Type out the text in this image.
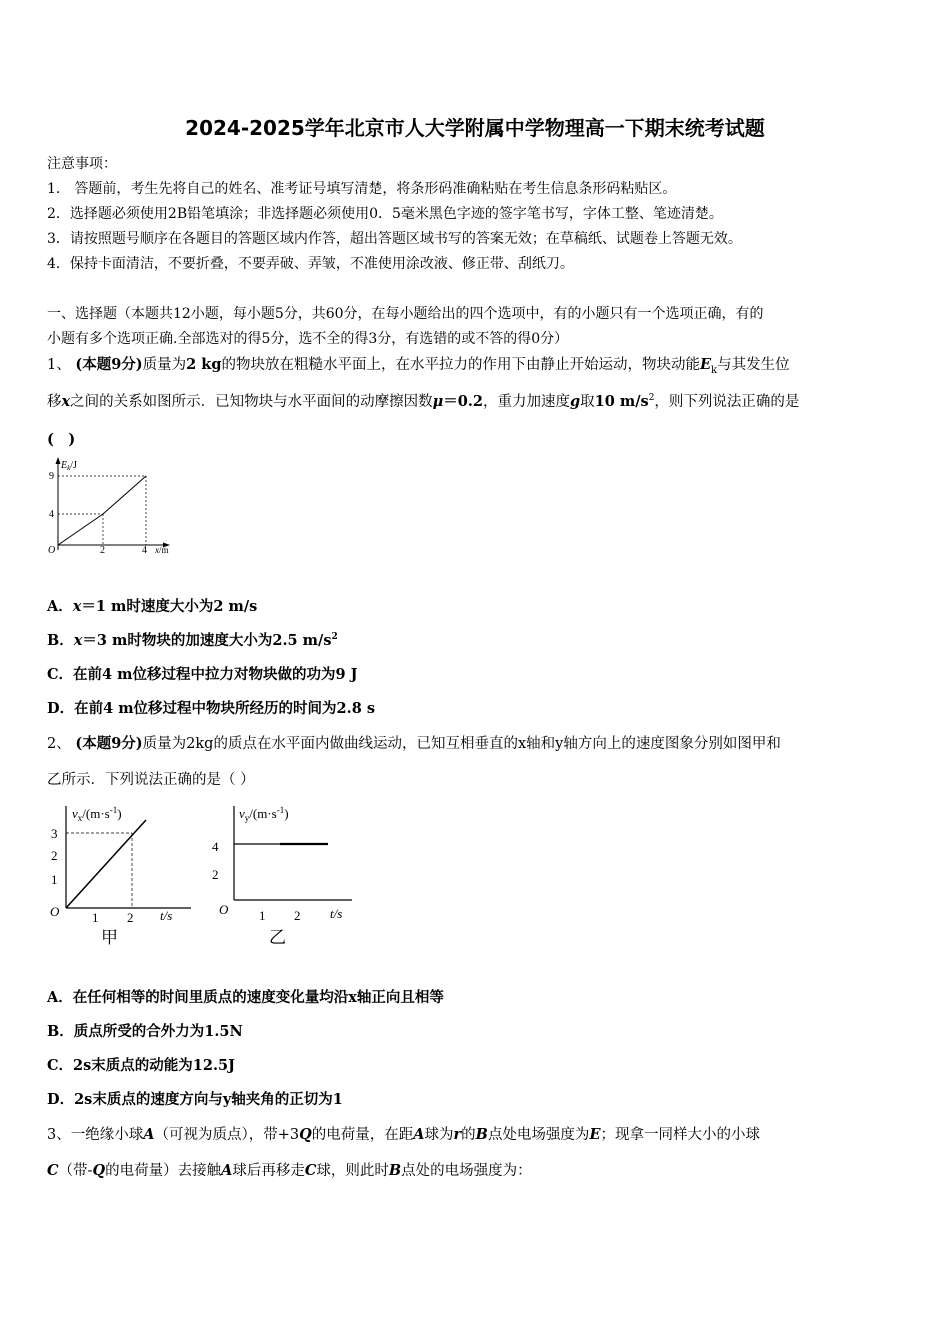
2024-2025学年北京市人大学附属中学物理高一下期末统考试题
注意事项：
1.　答题前，考生先将自己的姓名、准考证号填写清楚，将条形码准确粘贴在考生信息条形码粘贴区。
2．选择题必须使用2B铅笔填涂；非选择题必须使用0．5毫米黑色字迹的签字笔书写，字体工整、笔迹清楚。
3．请按照题号顺序在各题目的答题区域内作答，超出答题区域书写的答案无效；在草稿纸、试题卷上答题无效。
4．保持卡面清洁，不要折叠，不要弄破、弄皱，不准使用涂改液、修正带、刮纸刀。
一、选择题（本题共12小题，每小题5分，共60分，在每小题给出的四个选项中，有的小题只有一个选项正确，有的
小题有多个选项正确.全部选对的得5分，选不全的得3分，有选错的或不答的得0分）
1、 (本题9分)质量为2 kg的物块放在粗糙水平面上，在水平拉力的作用下由静止开始运动，物块动能$E_k$与其发生位
移x之间的关系如图所示．已知物块与水平面间的动摩擦因数μ＝0.2，重力加速度g取10 $m/s^2$，则下列说法正确的是
(　)
$E_k/J$
9
4
O	2	4 x/m
A．x＝1 m时速度大小为2 m/s
B．x＝3 m时物块的加速度大小为2.5 $m/s^2$
C．在前4 m位移过程中拉力对物块做的功为9 J
D．在前4 m位移过程中物块所经历的时间为2.8 s
2、 (本题9分)质量为2kg的质点在水平面内做曲线运动，已知互相垂直的x轴和y轴方向上的速度图象分别如图甲和
乙所示．下列说法正确的是（ ）
$v_x/(m\cdot s^{-1})$
3
2
1
O	1 2 t/s
甲
$v_y/(m\cdot s^{-1})$
4
2
O 1 2 t/s
乙
A．在任何相等的时间里质点的速度变化量均沿x轴正向且相等
B．质点所受的合外力为1.5N
C．2s末质点的动能为12.5J
D．2s末质点的速度方向与y轴夹角的正切为1
3、一绝缘小球A（可视为质点），带+3Q的电荷量，在距A球为r的B点处电场强度为E；现拿一同样大小的小球
C（带-Q的电荷量）去接触A球后再移走C球，则此时B点处的电场强度为：
